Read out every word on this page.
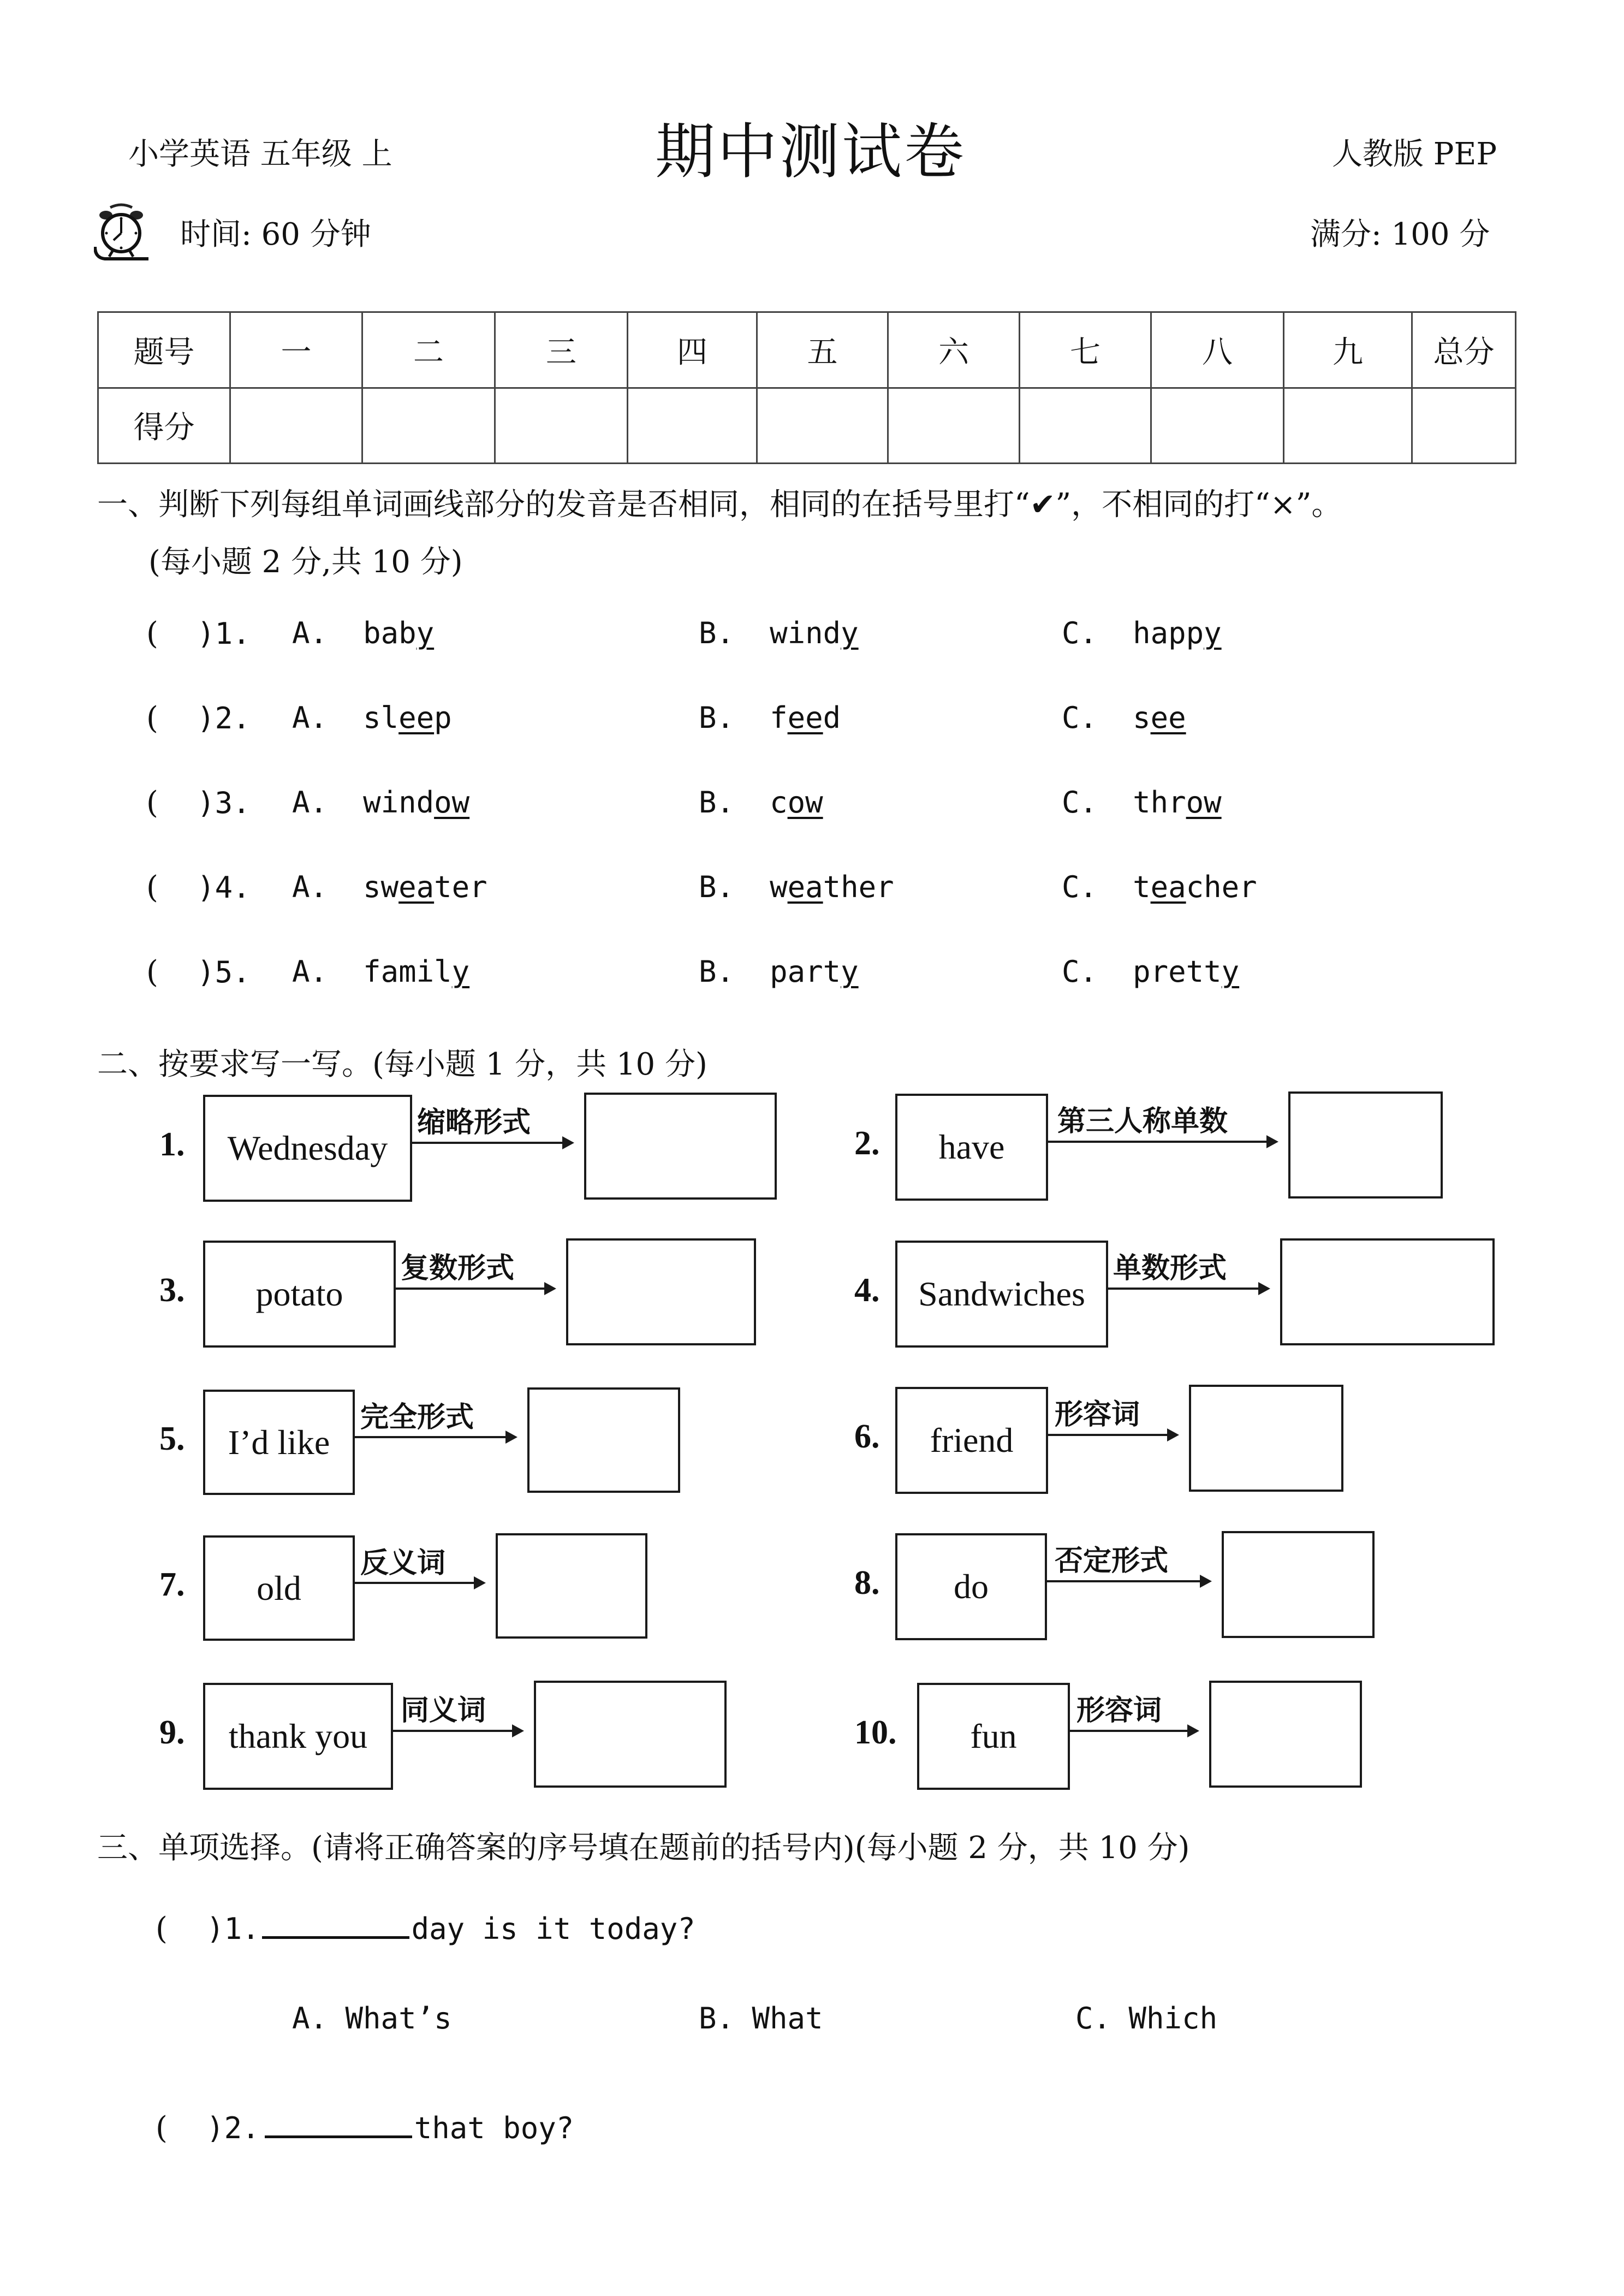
小学英语 五年级 上	期中测试卷	人教版 PEP
时间: 60 分钟	满分: 100 分
题号	一	二	三	四	五	六	七	八	九	总分
得分										
一、判断下列每组单词画线部分的发音是否相同，相同的在括号里打“✔”，不相同的打“×”。
(每小题 2 分,共 10 分)
(    )1. A. baby	B. windy	C. happy
(    )2. A. sleep	B. feed	C. see
(    )3. A. window	B. cow	C. throw
(    )4. A. sweater	B. weather	C. teacher
(    )5. A. family	B. party	C. pretty
二、按要求写一写。(每小题 1 分，共 10 分)
1. Wednesday
缩略形式
2. have
第三人称单数
3. potato
复数形式
4. Sandwiches
单数形式
5. I’d like
完全形式
6. friend
形容词
7. old
反义词
8. do
否定形式
9. thank you
同义词
10. fun
形容词
三、单项选择。(请将正确答案的序号填在题前的括号内)(每小题 2 分，共 10 分)
(    )1.	day is it today?
A. What’s	B. What	C. Which
(    )2.	that boy?
